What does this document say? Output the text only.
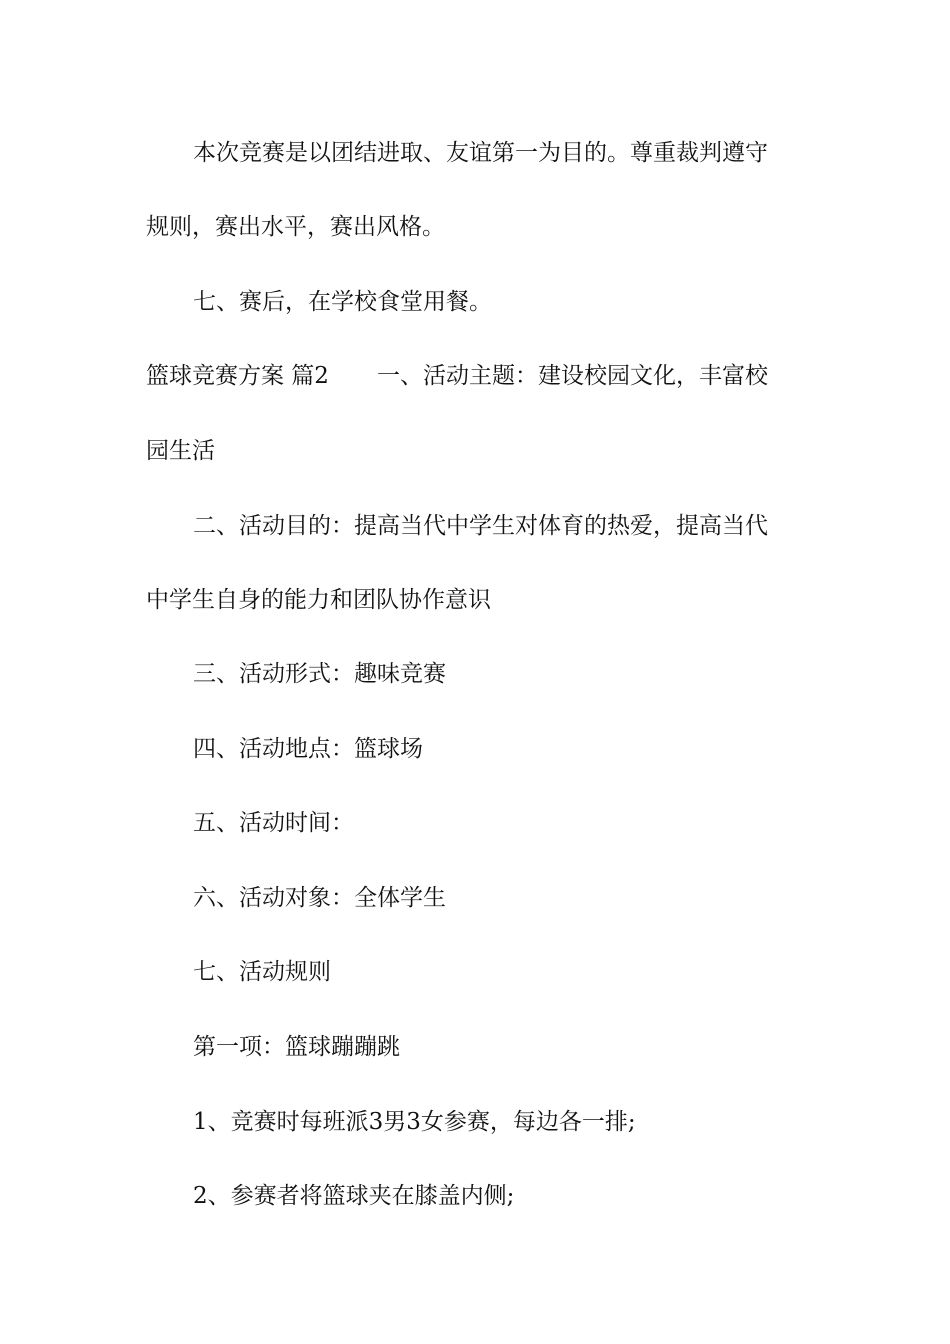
本次竞赛是以团结进取、友谊第一为目的。尊重裁判遵守
规则，赛出水平，赛出风格。
七、赛后，在学校食堂用餐。
篮球竞赛方案 篇2 一、活动主题：建设校园文化，丰富校
园生活
二、活动目的：提高当代中学生对体育的热爱，提高当代
中学生自身的能力和团队协作意识
三、活动形式：趣味竞赛
四、活动地点：篮球场
五、活动时间：
六、活动对象：全体学生
七、活动规则
第一项：篮球蹦蹦跳
1、竞赛时每班派3男3女参赛，每边各一排;
2、参赛者将篮球夹在膝盖内侧;
